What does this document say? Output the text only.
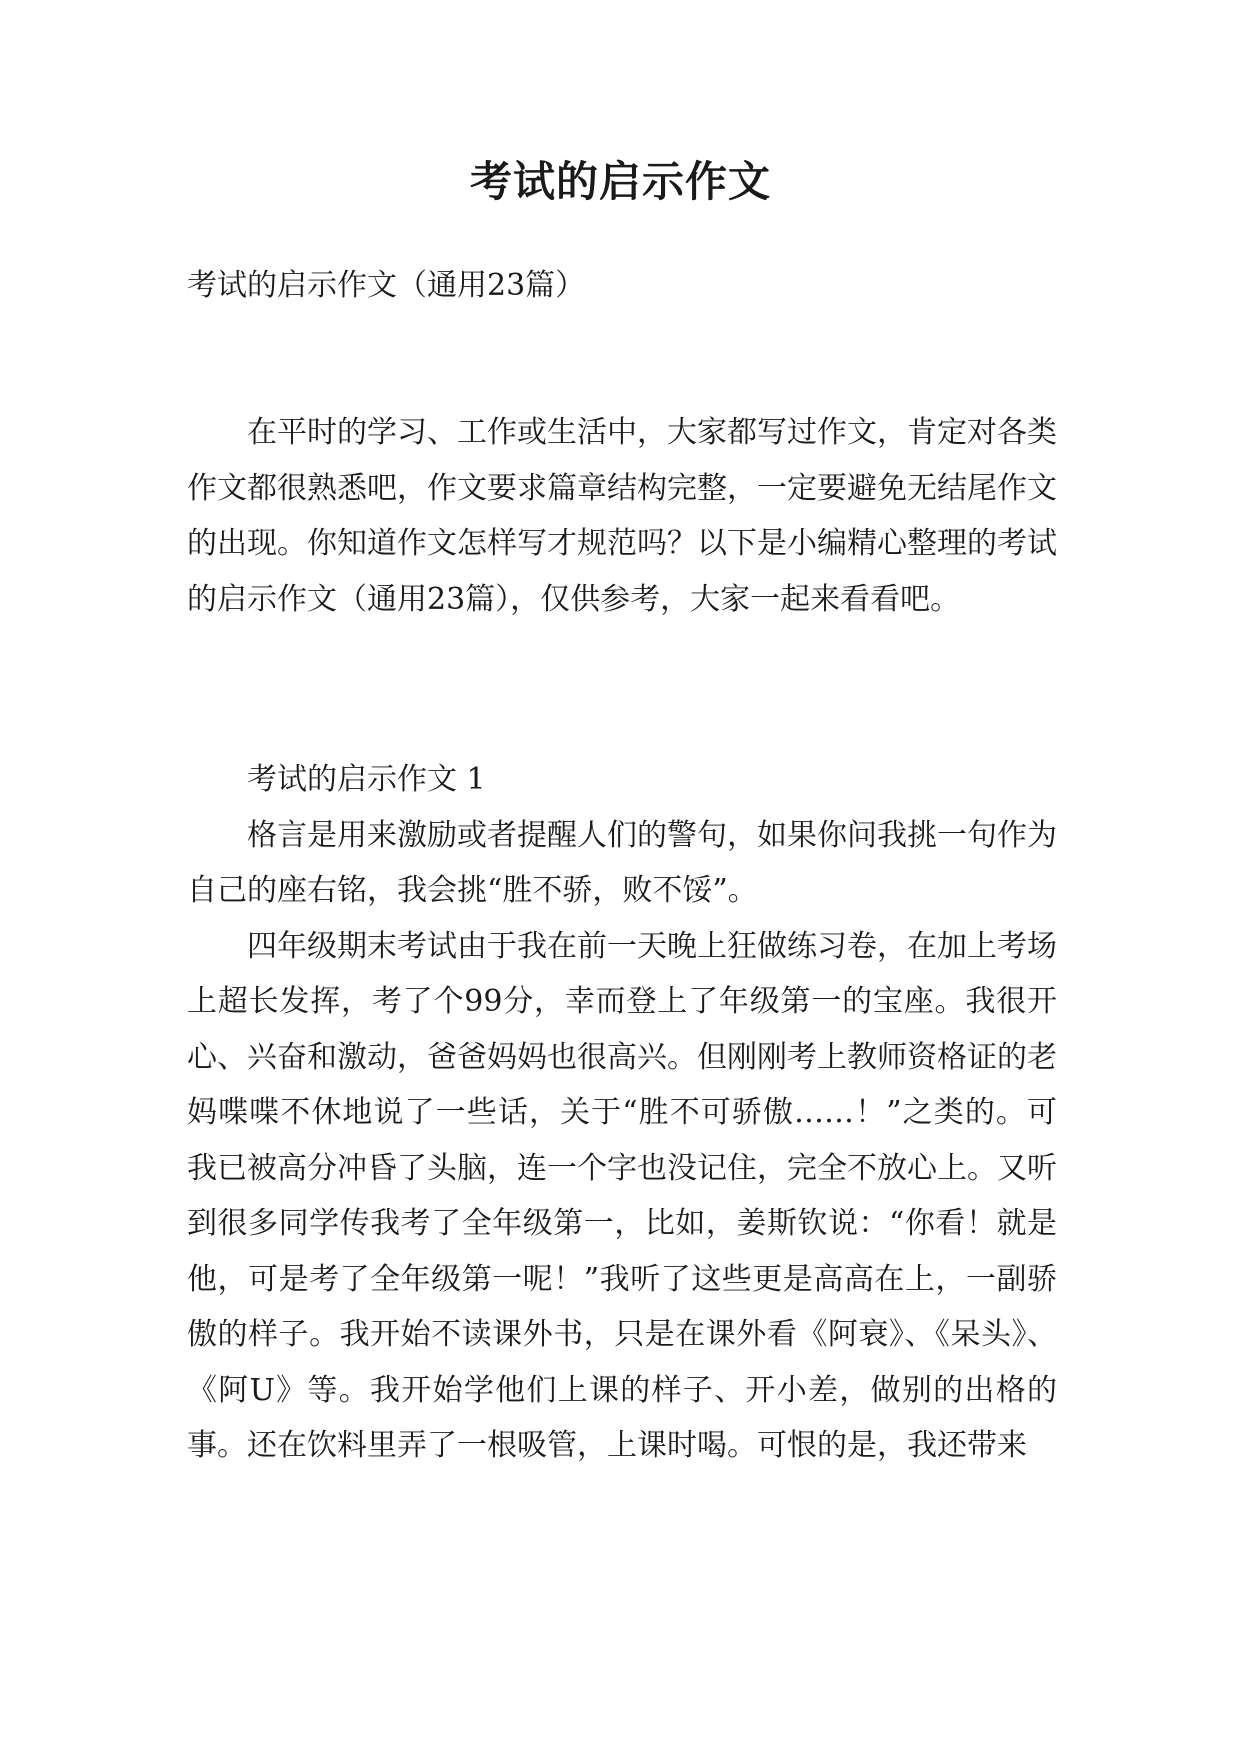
考试的启示作文

考试的启示作文（通用23篇）

在平时的学习、工作或生活中，大家都写过作文，肯定对各类作文都很熟悉吧，作文要求篇章结构完整，一定要避免无结尾作文的出现。你知道作文怎样写才规范吗？以下是小编精心整理的考试的启示作文（通用23篇），仅供参考，大家一起来看看吧。

考试的启示作文 1

格言是用来激励或者提醒人们的警句，如果你问我挑一句作为自己的座右铭，我会挑“胜不骄，败不馁”。

四年级期末考试由于我在前一天晚上狂做练习卷，在加上考场上超长发挥，考了个99分，幸而登上了年级第一的宝座。我很开心、兴奋和激动，爸爸妈妈也很高兴。但刚刚考上教师资格证的老妈喋喋不休地说了一些话，关于“胜不可骄傲……！”之类的。可我已被高分冲昏了头脑，连一个字也没记住，完全不放心上。又听到很多同学传我考了全年级第一，比如，姜斯钦说：“你看！就是他，可是考了全年级第一呢！”我听了这些更是高高在上，一副骄傲的样子。我开始不读课外书，只是在课外看《阿衰》、《呆头》、《阿U》等。我开始学他们上课的样子、开小差，做别的出格的事。还在饮料里弄了一根吸管，上课时喝。可恨的是，我还带来
